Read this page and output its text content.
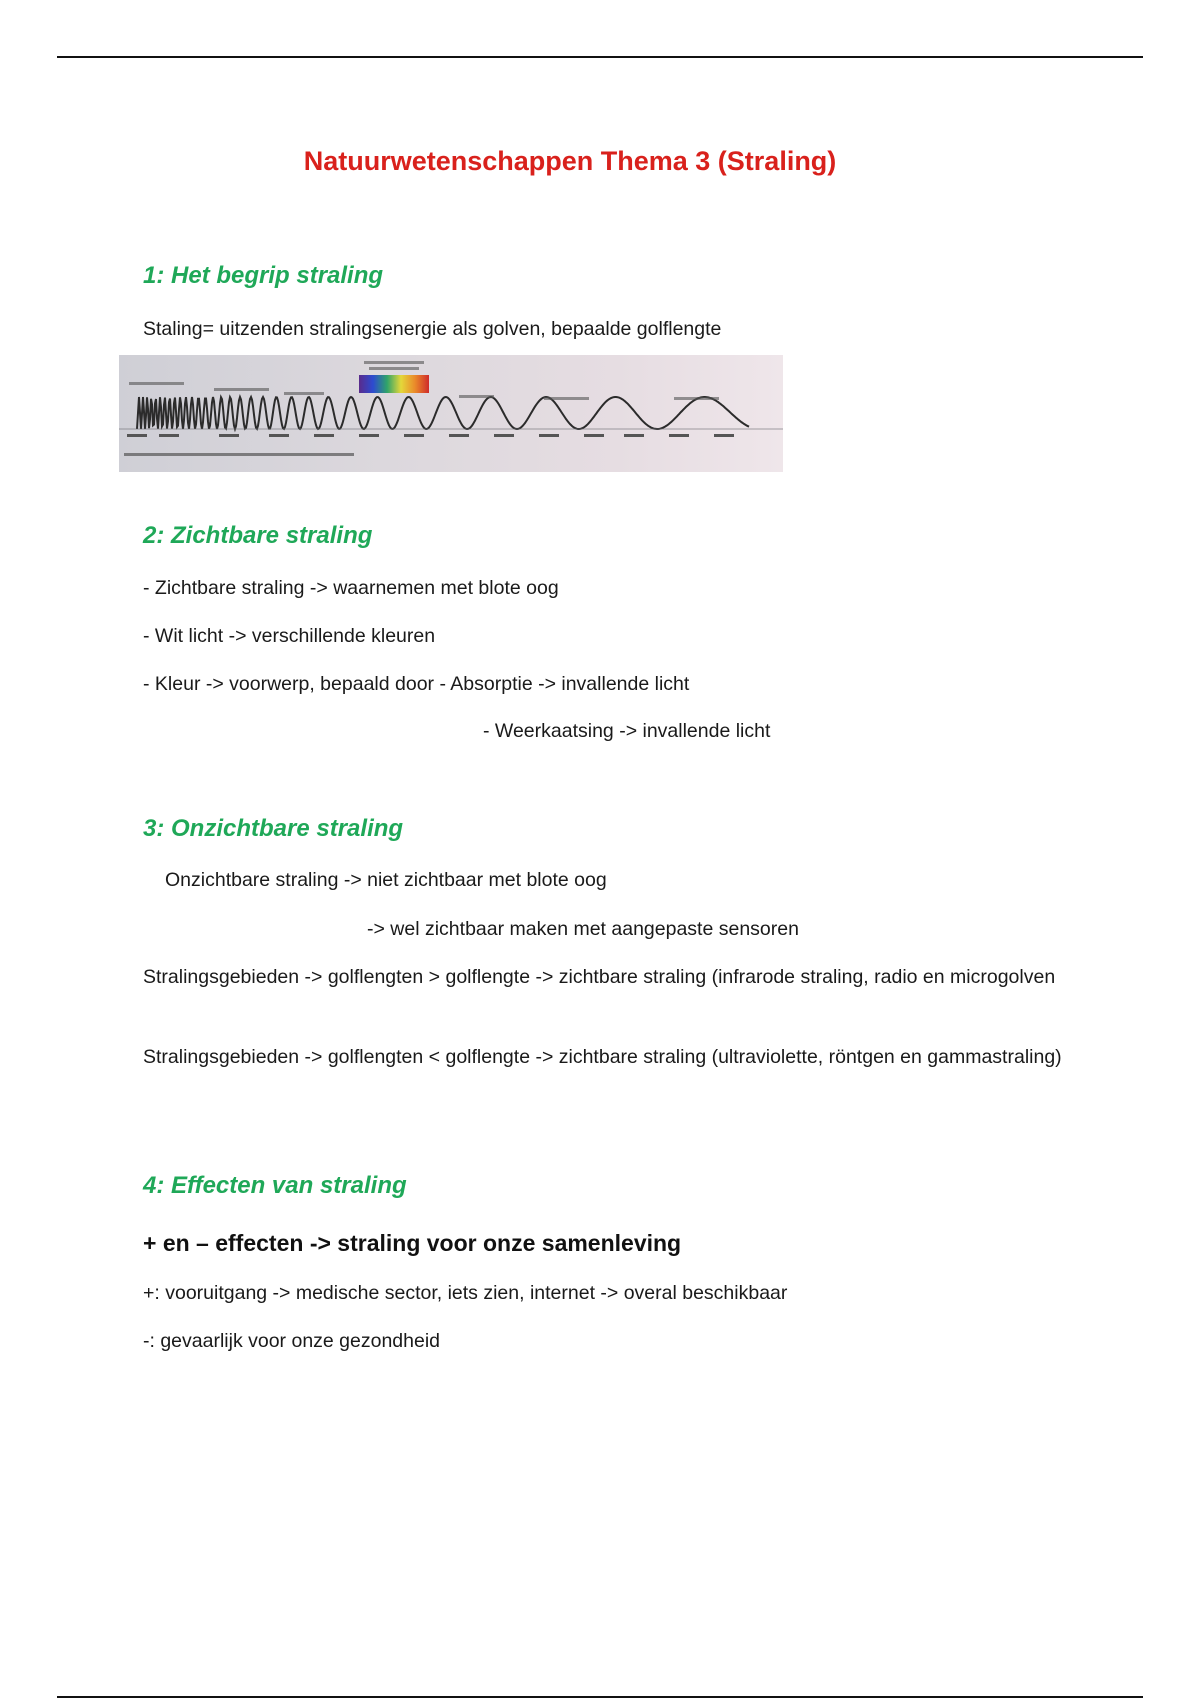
Natuurwetenschappen Thema 3 (Straling)
1: Het begrip straling
Staling= uitzenden stralingsenergie als golven, bepaalde golflengte
2: Zichtbare straling
- Zichtbare straling -> waarnemen met blote oog
- Wit licht -> verschillende kleuren
- Kleur -> voorwerp, bepaald door - Absorptie -> invallende licht
- Weerkaatsing -> invallende licht
3: Onzichtbare straling
Onzichtbare straling -> niet zichtbaar met blote oog
-> wel zichtbaar maken met aangepaste sensoren
Stralingsgebieden -> golflengten > golflengte -> zichtbare straling (infrarode straling, radio en microgolven
Stralingsgebieden -> golflengten < golflengte -> zichtbare straling (ultraviolette, röntgen en gammastraling)
4: Effecten van straling
+ en – effecten -> straling voor onze samenleving
+: vooruitgang -> medische sector, iets zien, internet -> overal beschikbaar
-: gevaarlijk voor onze gezondheid
